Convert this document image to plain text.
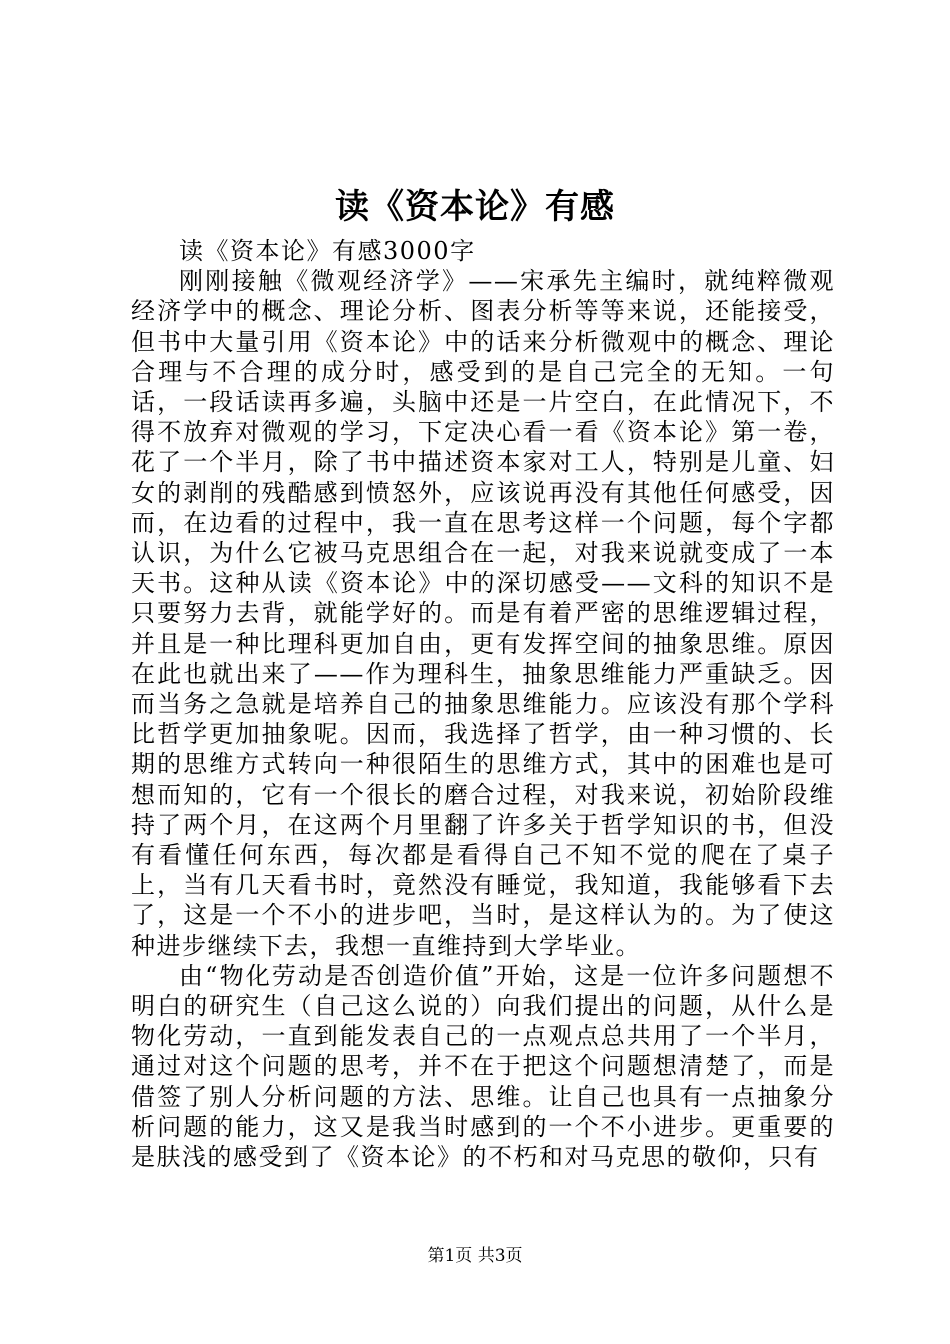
读《资本论》有感

读《资本论》有感3000字

刚刚接触《微观经济学》——宋承先主编时，就纯粹微观经济学中的概念、理论分析、图表分析等等来说，还能接受，但书中大量引用《资本论》中的话来分析微观中的概念、理论合理与不合理的成分时，感受到的是自己完全的无知。一句话，一段话读再多遍，头脑中还是一片空白，在此情况下，不得不放弃对微观的学习，下定决心看一看《资本论》第一卷，花了一个半月，除了书中描述资本家对工人，特别是儿童、妇女的剥削的残酷感到愤怒外，应该说再没有其他任何感受，因而，在边看的过程中，我一直在思考这样一个问题，每个字都认识，为什么它被马克思组合在一起，对我来说就变成了一本天书。这种从读《资本论》中的深切感受——文科的知识不是只要努力去背，就能学好的。而是有着严密的思维逻辑过程，并且是一种比理科更加自由，更有发挥空间的抽象思维。原因在此也就出来了——作为理科生，抽象思维能力严重缺乏。因而当务之急就是培养自己的抽象思维能力。应该没有那个学科比哲学更加抽象呢。因而，我选择了哲学，由一种习惯的、长期的思维方式转向一种很陌生的思维方式，其中的困难也是可想而知的，它有一个很长的磨合过程，对我来说，初始阶段维持了两个月，在这两个月里翻了许多关于哲学知识的书，但没有看懂任何东西，每次都是看得自己不知不觉的爬在了桌子上，当有几天看书时，竟然没有睡觉，我知道，我能够看下去了，这是一个不小的进步吧，当时，是这样认为的。为了使这种进步继续下去，我想一直维持到大学毕业。

由“物化劳动是否创造价值”开始，这是一位许多问题想不明白的研究生（自己这么说的）向我们提出的问题，从什么是物化劳动，一直到能发表自己的一点观点总共用了一个半月，通过对这个问题的思考，并不在于把这个问题想清楚了，而是借签了别人分析问题的方法、思维。让自己也具有一点抽象分析问题的能力，这又是我当时感到的一个不小进步。更重要的是肤浅的感受到了《资本论》的不朽和对马克思的敬仰，只有

第1页 共3页
